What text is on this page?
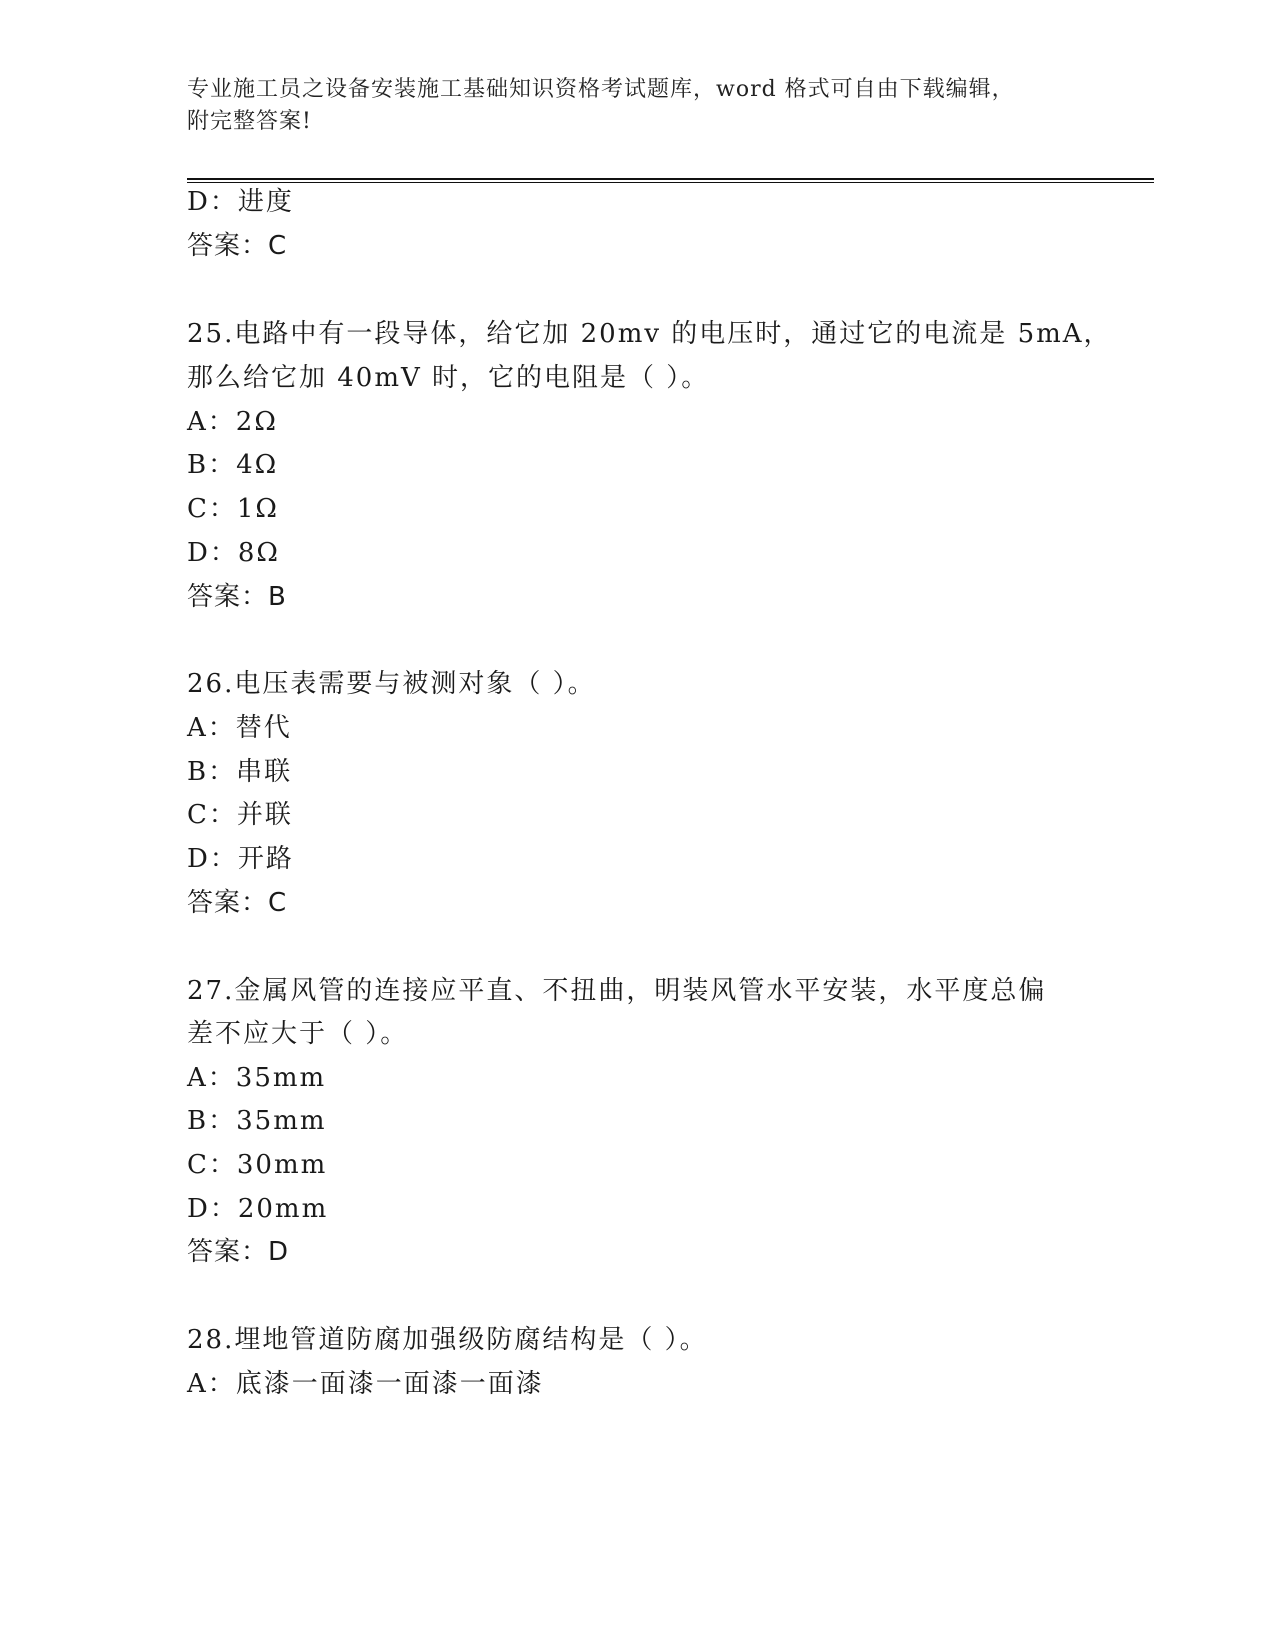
专业施工员之设备安装施工基础知识资格考试题库，word 格式可自由下载编辑，
附完整答案!
D：进度
答案：C
25.电路中有一段导体，给它加 20mv 的电压时，通过它的电流是 5mA，
那么给它加 40mV 时，它的电阻是（ ）。
A：2Ω
B：4Ω
C：1Ω
D：8Ω
答案：B
26.电压表需要与被测对象（ ）。
A：替代
B：串联
C：并联
D：开路
答案：C
27.金属风管的连接应平直、不扭曲，明装风管水平安装，水平度总偏
差不应大于（ ）。
A：35mm
B：35mm
C：30mm
D：20mm
答案：D
28.埋地管道防腐加强级防腐结构是（ ）。
A：底漆一面漆一面漆一面漆
